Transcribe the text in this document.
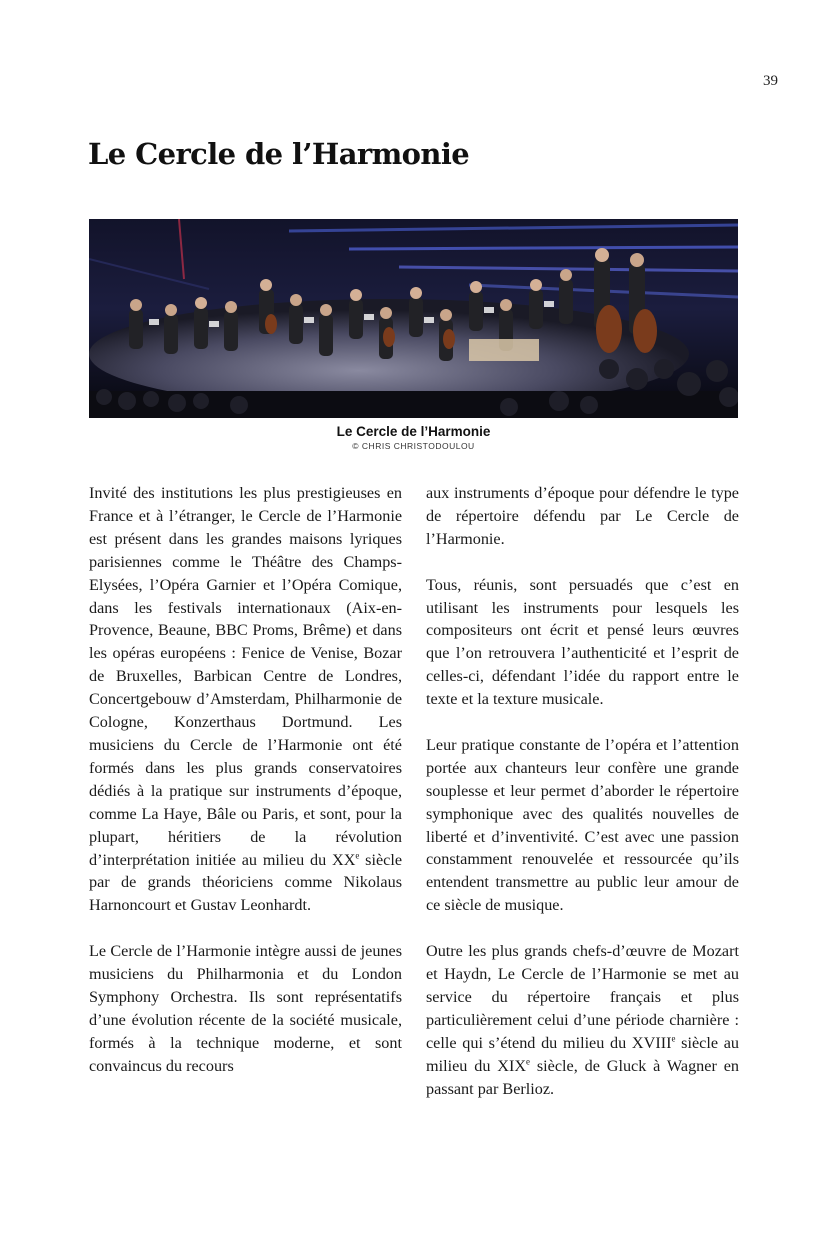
39
Le Cercle de l’Harmonie
Le Cercle de l’Harmonie
© CHRIS CHRISTODOULOU

Invité des institutions les plus prestigieuses en France et à l’étranger, le Cercle de l’Harmonie est présent dans les grandes maisons lyriques parisiennes comme le Théâtre des Champs-Elysées, l’Opéra Garnier et l’Opéra Comique, dans les festivals internationaux (Aix-en-Provence, Beaune, BBC Proms, Brême) et dans les opéras européens : Fenice de Venise, Bozar de Bruxelles, Barbican Centre de Londres, Concertgebouw d’Amsterdam, Philharmonie de Cologne, Konzerthaus Dortmund. Les musiciens du Cercle de l’Harmonie ont été formés dans les plus grands conservatoires dédiés à la pratique sur instruments d’époque, comme La Haye, Bâle ou Paris, et sont, pour la plupart, héritiers de la révolution d’interprétation initiée au milieu du XXe siècle par de grands théoriciens comme Nikolaus Harnoncourt et Gustav Leonhardt.

Le Cercle de l’Harmonie intègre aussi de jeunes musiciens du Philharmonia et du London Symphony Orchestra. Ils sont représentatifs d’une évolution récente de la société musicale, formés à la technique moderne, et sont convaincus du recours

aux instruments d’époque pour défendre le type de répertoire défendu par Le Cercle de l’Harmonie.

Tous, réunis, sont persuadés que c’est en utilisant les instruments pour lesquels les compositeurs ont écrit et pensé leurs œuvres que l’on retrouvera l’authenticité et l’esprit de celles-ci, défendant l’idée du rapport entre le texte et la texture musicale.

Leur pratique constante de l’opéra et l’attention portée aux chanteurs leur confère une grande souplesse et leur permet d’aborder le répertoire symphonique avec des qualités nouvelles de liberté et d’inventivité. C’est avec une passion constamment renouvelée et ressourcée qu’ils entendent transmettre au public leur amour de ce siècle de musique.

Outre les plus grands chefs-d’œuvre de Mozart et Haydn, Le Cercle de l’Harmonie se met au service du répertoire français et plus particulièrement celui d’une période charnière : celle qui s’étend du milieu du XVIIIe siècle au milieu du XIXe siècle, de Gluck à Wagner en passant par Berlioz.
